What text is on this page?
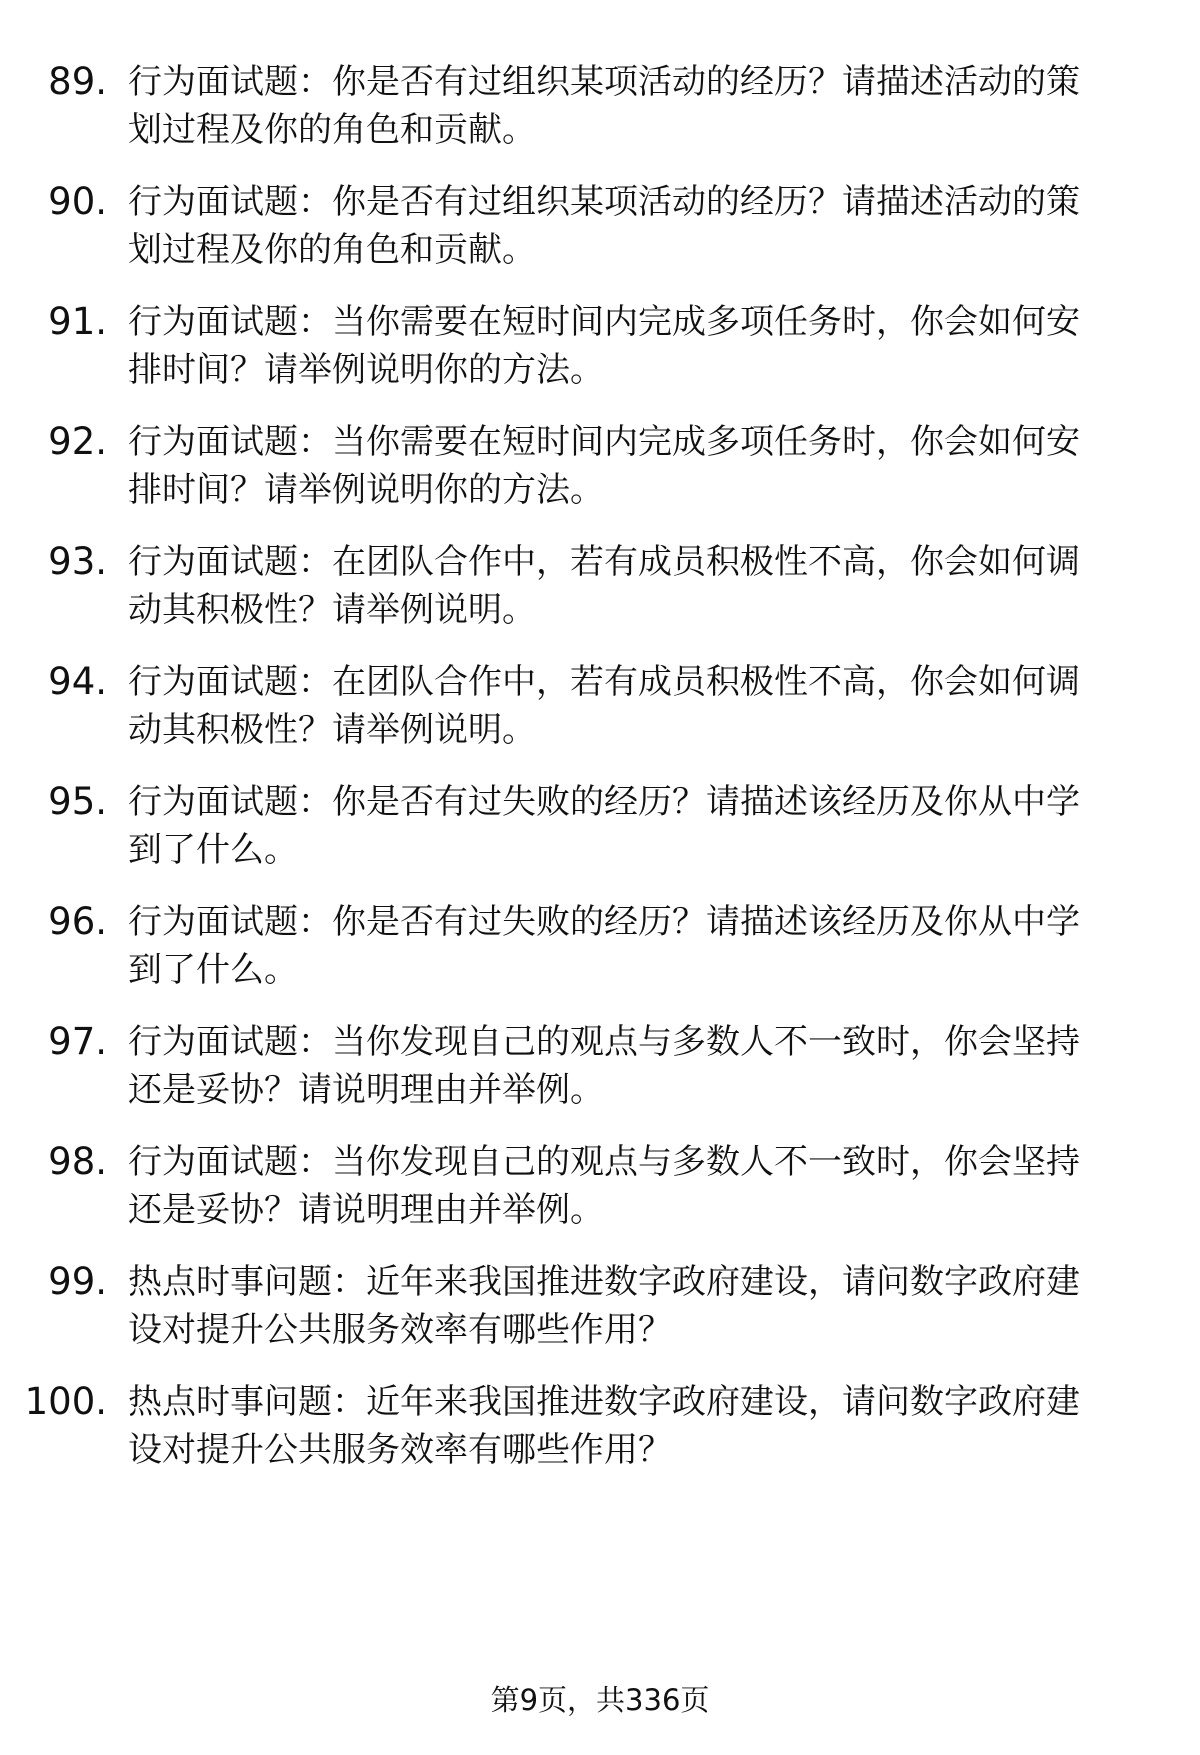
89. 行为面试题：你是否有过组织某项活动的经历？请描述活动的策
划过程及你的角色和贡献。
90. 行为面试题：你是否有过组织某项活动的经历？请描述活动的策
划过程及你的角色和贡献。
91. 行为面试题：当你需要在短时间内完成多项任务时，你会如何安
排时间？请举例说明你的方法。
92. 行为面试题：当你需要在短时间内完成多项任务时，你会如何安
排时间？请举例说明你的方法。
93. 行为面试题：在团队合作中，若有成员积极性不高，你会如何调
动其积极性？请举例说明。
94. 行为面试题：在团队合作中，若有成员积极性不高，你会如何调
动其积极性？请举例说明。
95. 行为面试题：你是否有过失败的经历？请描述该经历及你从中学
到了什么。
96. 行为面试题：你是否有过失败的经历？请描述该经历及你从中学
到了什么。
97. 行为面试题：当你发现自己的观点与多数人不一致时，你会坚持
还是妥协？请说明理由并举例。
98. 行为面试题：当你发现自己的观点与多数人不一致时，你会坚持
还是妥协？请说明理由并举例。
99. 热点时事问题：近年来我国推进数字政府建设，请问数字政府建
设对提升公共服务效率有哪些作用？
100. 热点时事问题：近年来我国推进数字政府建设，请问数字政府建
设对提升公共服务效率有哪些作用？
第9页，共336页
